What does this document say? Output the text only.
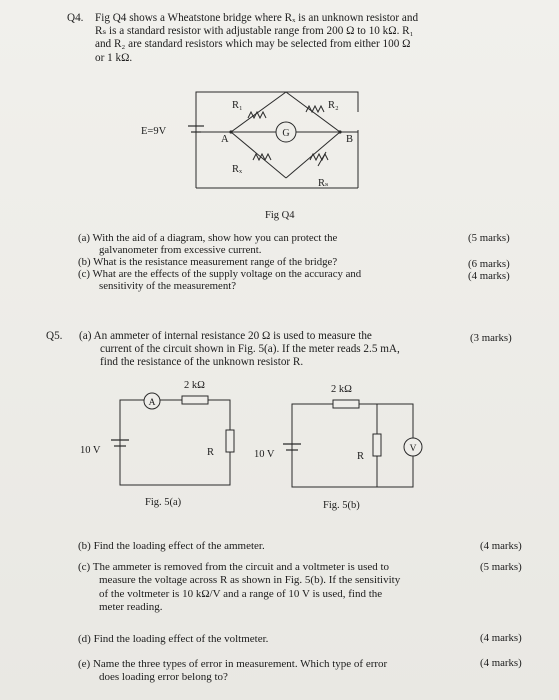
Q4. Fig Q4 shows a Wheatstone bridge where Rₓ is an unknown resistor and
Rₛ is a standard resistor with adjustable range from 200 Ω to 10 kΩ. R₁
and R₂ are standard resistors which may be selected from either 100 Ω
or 1 kΩ.
G
E=9V
A	B
R₁	R₂
Rₓ
Rₛ
Fig Q4
(a) With the aid of a diagram, show how you can protect the
galvanometer from excessive current.
(5 marks)
(b) What is the resistance measurement range of the bridge?	(6 marks)
(c) What are the effects of the supply voltage on the accuracy and
sensitivity of the measurement?
(4 marks)
Q5. (a) An ammeter of internal resistance 20 Ω is used to measure the
current of the circuit shown in Fig. 5(a). If the meter reads 2.5 mA,
find the resistance of the unknown resistor R.
(3 marks)
A
2 kΩ
10 V	R
Fig. 5(a)
V
2 kΩ
10 V	R
Fig. 5(b)
(b) Find the loading effect of the ammeter.	(4 marks)
(c) The ammeter is removed from the circuit and a voltmeter is used to
measure the voltage across R as shown in Fig. 5(b). If the sensitivity
of the voltmeter is 10 kΩ/V and a range of 10 V is used, find the
meter reading.
(5 marks)
(d) Find the loading effect of the voltmeter.	(4 marks)
(e) Name the three types of error in measurement. Which type of error
does loading error belong to?
(4 marks)
